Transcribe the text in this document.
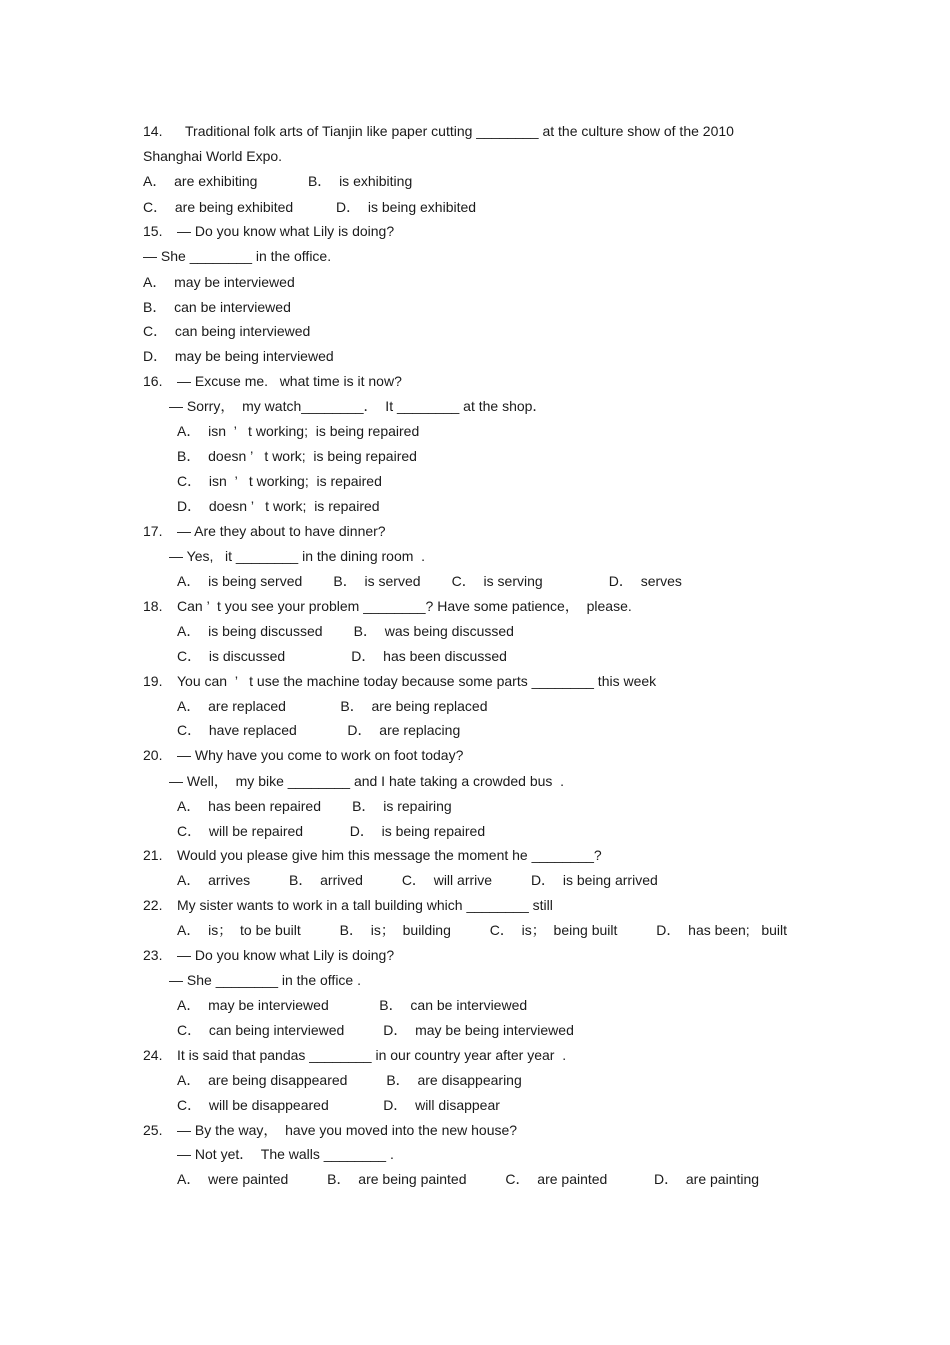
14. Traditional folk arts of Tianjin like paper cutting ________ at the culture show of the 2010
Shanghai World Expo.
A．  are exhibiting             B．  is exhibiting
C．  are being exhibited           D．  is being exhibited
15. — Do you know what Lily is doing?
— She ________ in the office.
A．  may be interviewed
B．  can be interviewed
C．  can being interviewed
D．  may be being interviewed
16. — Excuse me.   what time is it now?
— Sorry，  my watch________．  It ________ at the shop．
A．  isn  ’   t working;  is being repaired
B．  doesn ’   t work;  is being repaired
C．  isn  ’   t working;  is repaired
D．  doesn ’   t work;  is repaired
17. — Are they about to have dinner?
— Yes,   it ________ in the dining room  .
A．  is being served        B．  is served        C．  is serving                 D．  serves
18. Can ’  t you see your problem ________? Have some patience，  please.
A．  is being discussed        B．  was being discussed
C．  is discussed                 D．  has been discussed
19. You can  ’   t use the machine today because some parts ________ this week
A．  are replaced              B．  are being replaced
C．  have replaced             D．  are replacing
20. — Why have you come to work on foot today?
— Well，  my bike ________ and I hate taking a crowded bus  .
A．  has been repaired        B．  is repairing
C．  will be repaired            D．  is being repaired
21. Would you please give him this message the moment he ________?
A．  arrives          B．  arrived          C．  will arrive          D．  is being arrived
22. My sister wants to work in a tall building which ________ still
A．  is；  to be built          B．  is；  building          C．  is；  being built          D．  has been;   built
23. — Do you know what Lily is doing?
— She ________ in the office .
A．  may be interviewed             B．  can be interviewed
C．  can being interviewed          D．  may be being interviewed
24. It is said that pandas ________ in our country year after year  .
A．  are being disappeared          B．  are disappearing
C．  will be disappeared              D．  will disappear
25. — By the way，  have you moved into the new house?
— Not yet．  The walls ________ .
A．  were painted          B．  are being painted          C．  are painted            D．  are painting
